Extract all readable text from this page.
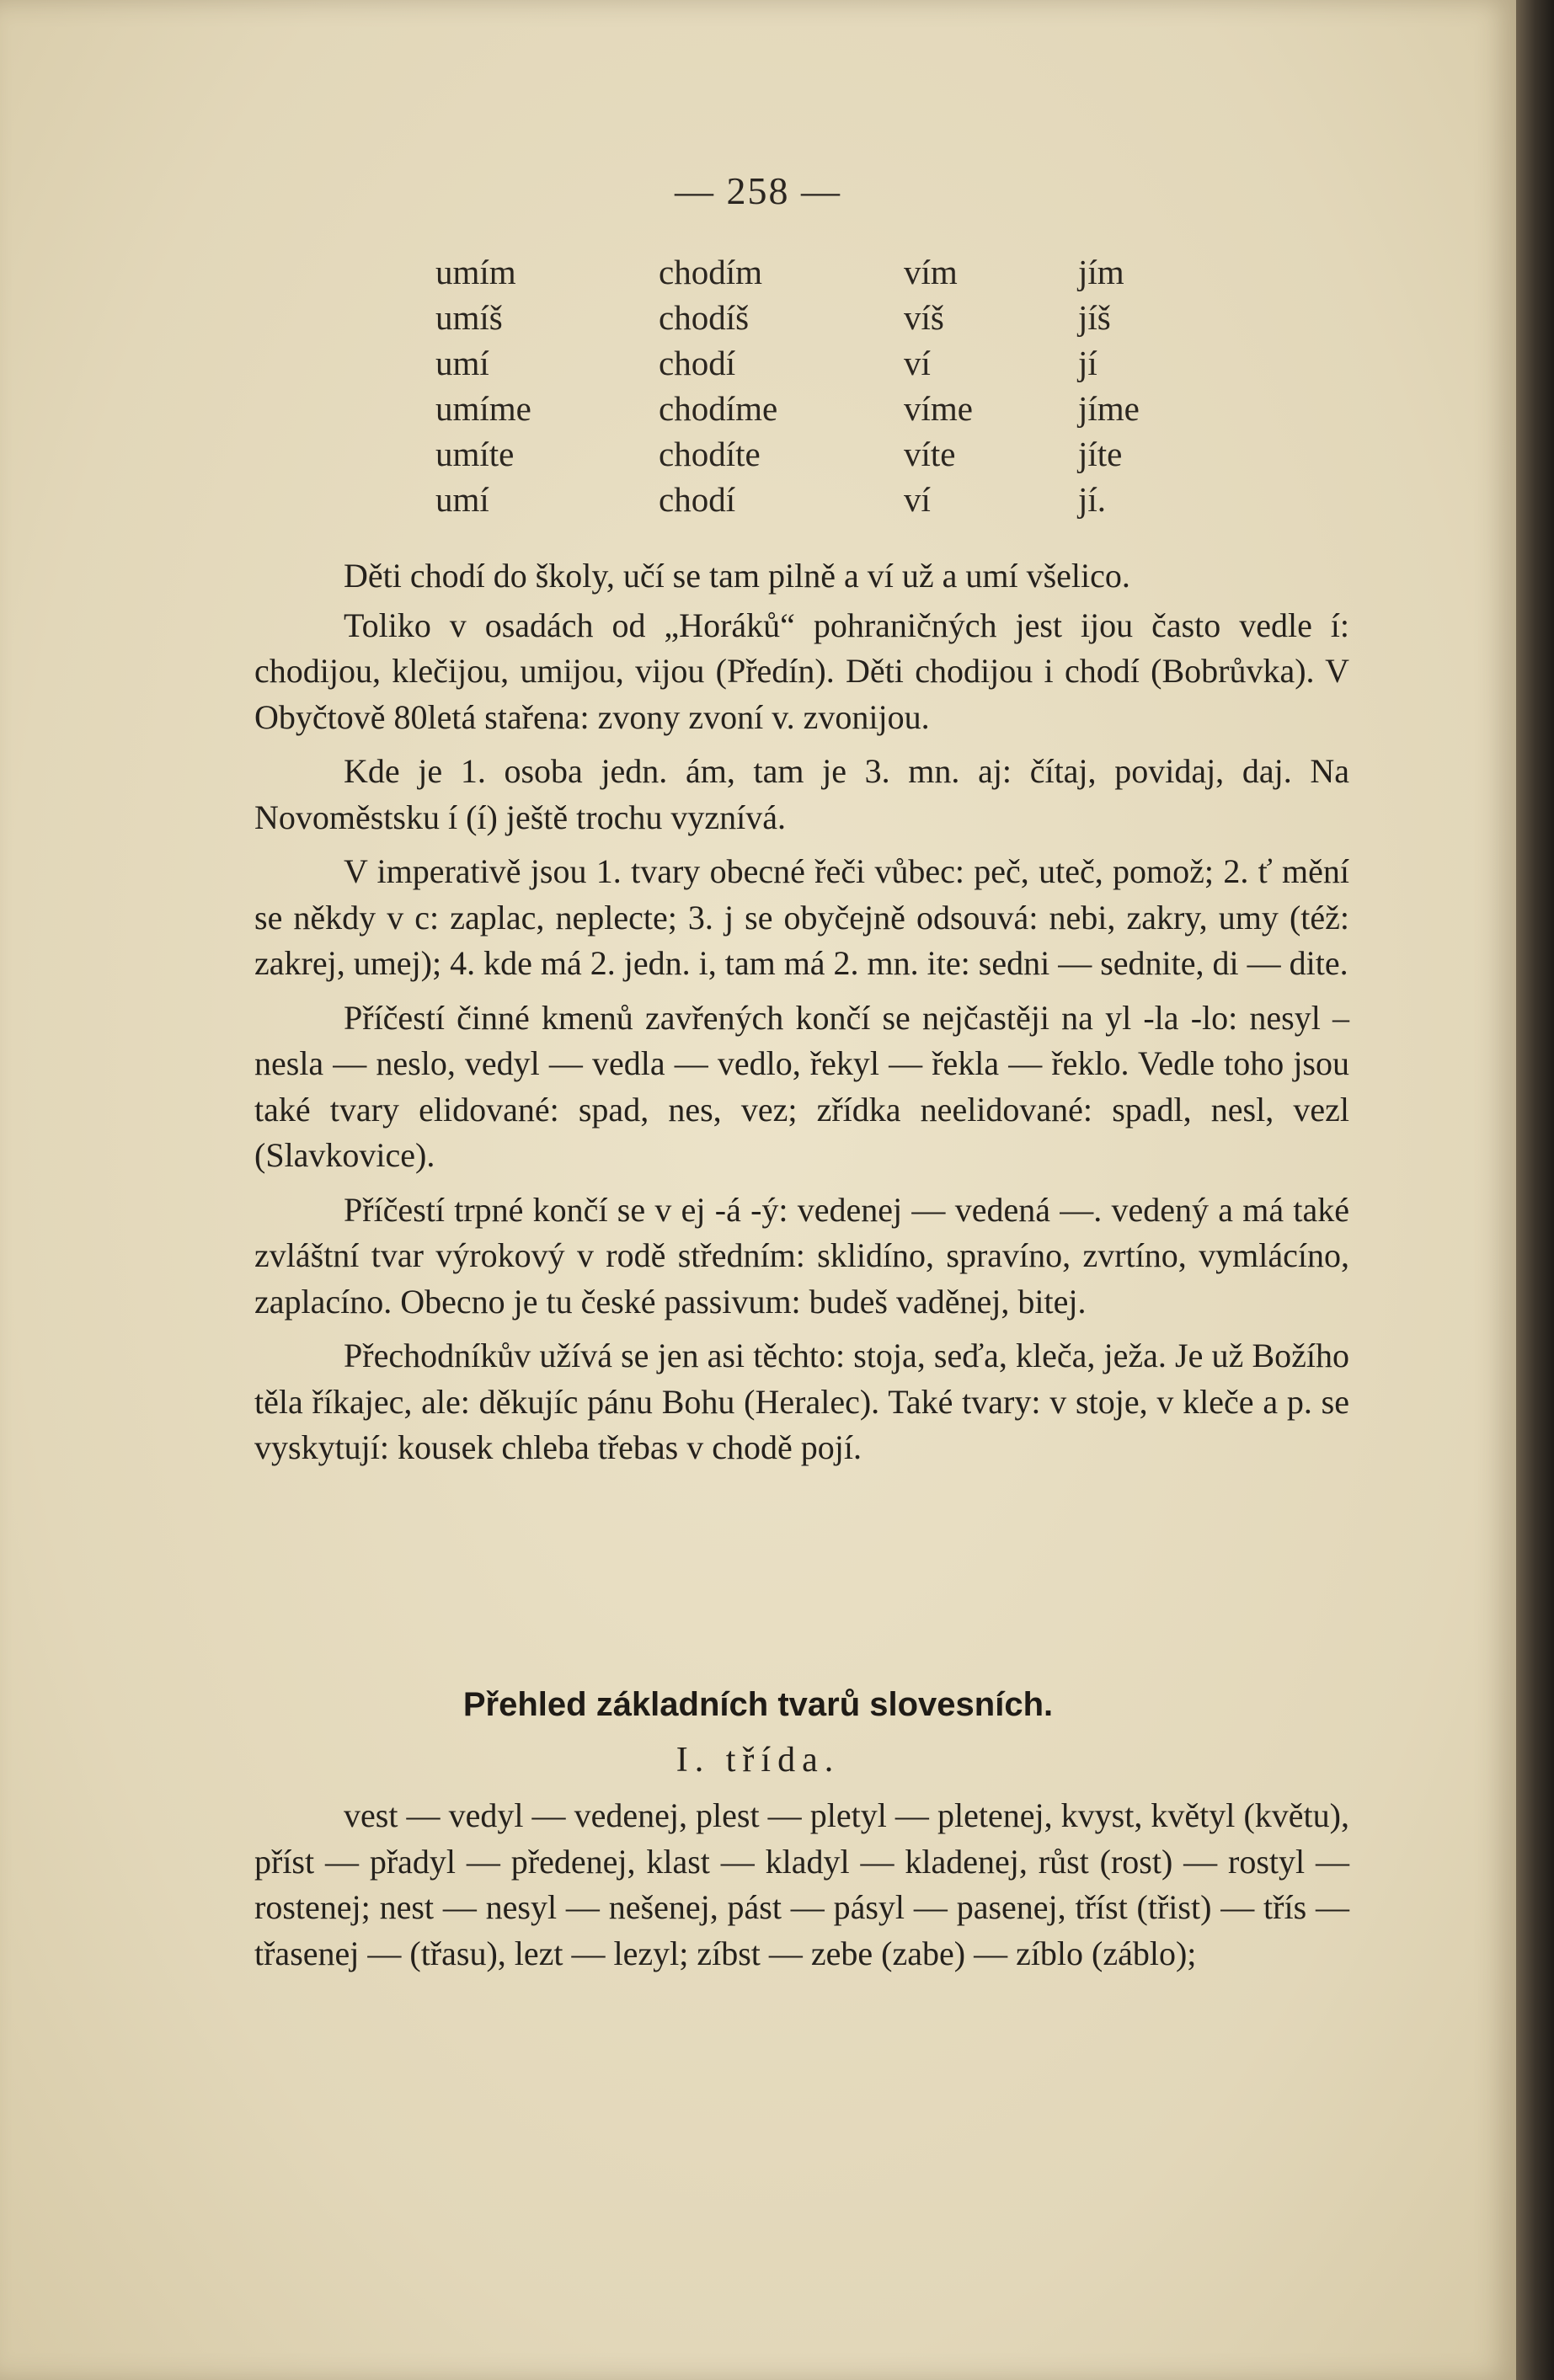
— 258 —
umím
umíš
umí
umíme
umíte
umí
chodím
chodíš
chodí
chodíme
chodíte
chodí
vím
víš
ví
víme
víte
ví
jím
jíš
jí
jíme
jíte
jí.

Děti chodí do školy, učí se tam pilně a ví už a umí všelico.

Toliko v osadách od „Horáků“ pohraničných jest ijou často vedle í: chodijou, klečijou, umijou, vijou (Předín). Děti chodijou i chodí (Bobrůvka). V Obyčtově 80letá stařena: zvony zvoní v. zvonijou.

Kde je 1. osoba jedn. ám, tam je 3. mn. aj: čítaj, povidaj, daj. Na Novoměstsku í (í) ještě trochu vyznívá.

V imperativě jsou 1. tvary obecné řeči vůbec: peč, uteč, pomož; 2. ť mění se někdy v c: zaplac, neplecte; 3. j se obyčejně odsouvá: nebi, zakry, umy (též: zakrej, umej); 4. kde má 2. jedn. i, tam má 2. mn. ite: sedni — sednite, di — dite.

Příčestí činné kmenů zavřených končí se nejčastěji na yl -la -lo: nesyl – nesla — neslo, vedyl — vedla — vedlo, řekyl — řekla — řeklo. Vedle toho jsou také tvary elidované: spad, nes, vez; zřídka neelidované: spadl, nesl, vezl (Slavkovice).

Příčestí trpné končí se v ej -á -ý: vedenej — vedená —. vedený a má také zvláštní tvar výrokový v rodě středním: sklidíno, spravíno, zvrtíno, vymlácíno, zaplacíno. Obecno je tu české passivum: budeš vaděnej, bitej.

Přechodníkův užívá se jen asi těchto: stoja, seďa, kleča, ježa. Je už Božího těla říkajec, ale: děkujíc pánu Bohu (Heralec). Také tvary: v stoje, v kleče a p. se vyskytují: kousek chleba třebas v chodě pojí.

Přehled základních tvarů slovesních.
I. třída.

vest — vedyl — vedenej, plest — pletyl — pletenej, kvyst, květyl (květu), příst — přadyl — předenej, klast — kladyl — kladenej, růst (rost) — rostyl — rostenej; nest — nesyl — nešenej, pást — pásyl — pasenej, tříst (třist) — třís — třasenej — (třasu), lezt — lezyl; zíbst — zebe (zabe) — zíblo (záblo);
